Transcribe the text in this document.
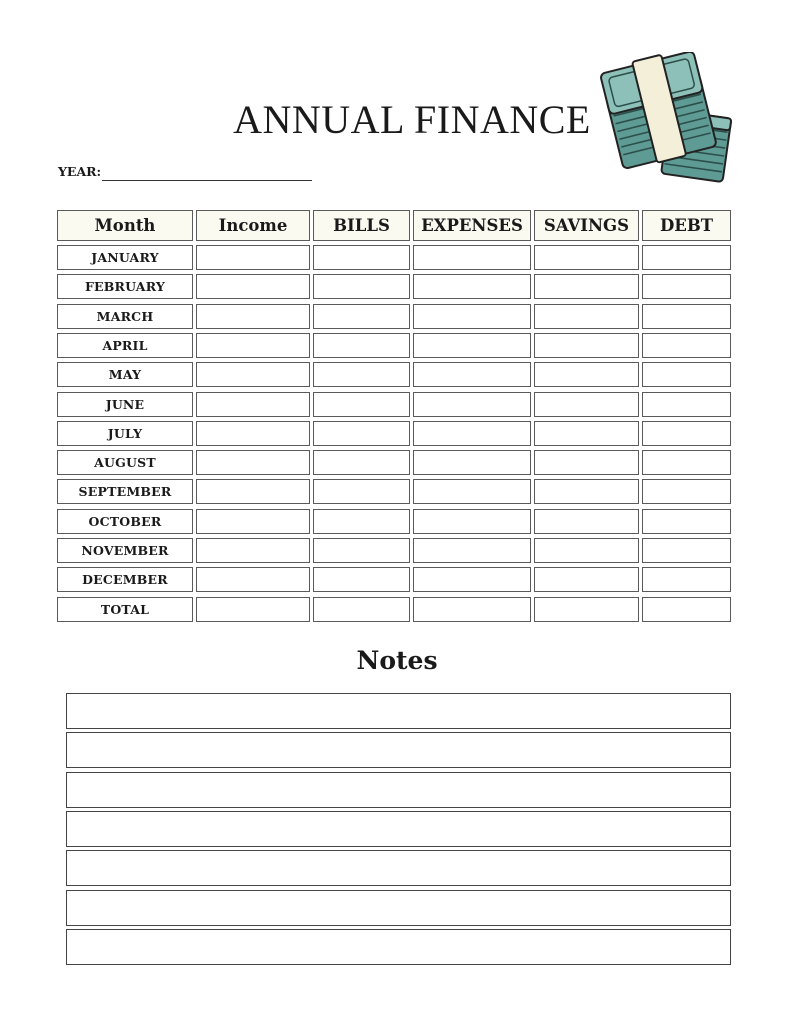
ANNUAL FINANCE
YEAR:
Month	Income	BILLS	EXPENSES	SAVINGS	DEBT
JANUARY
FEBRUARY
MARCH
APRIL
MAY
JUNE
JULY
AUGUST
SEPTEMBER
OCTOBER
NOVEMBER
DECEMBER
TOTAL
Notes
